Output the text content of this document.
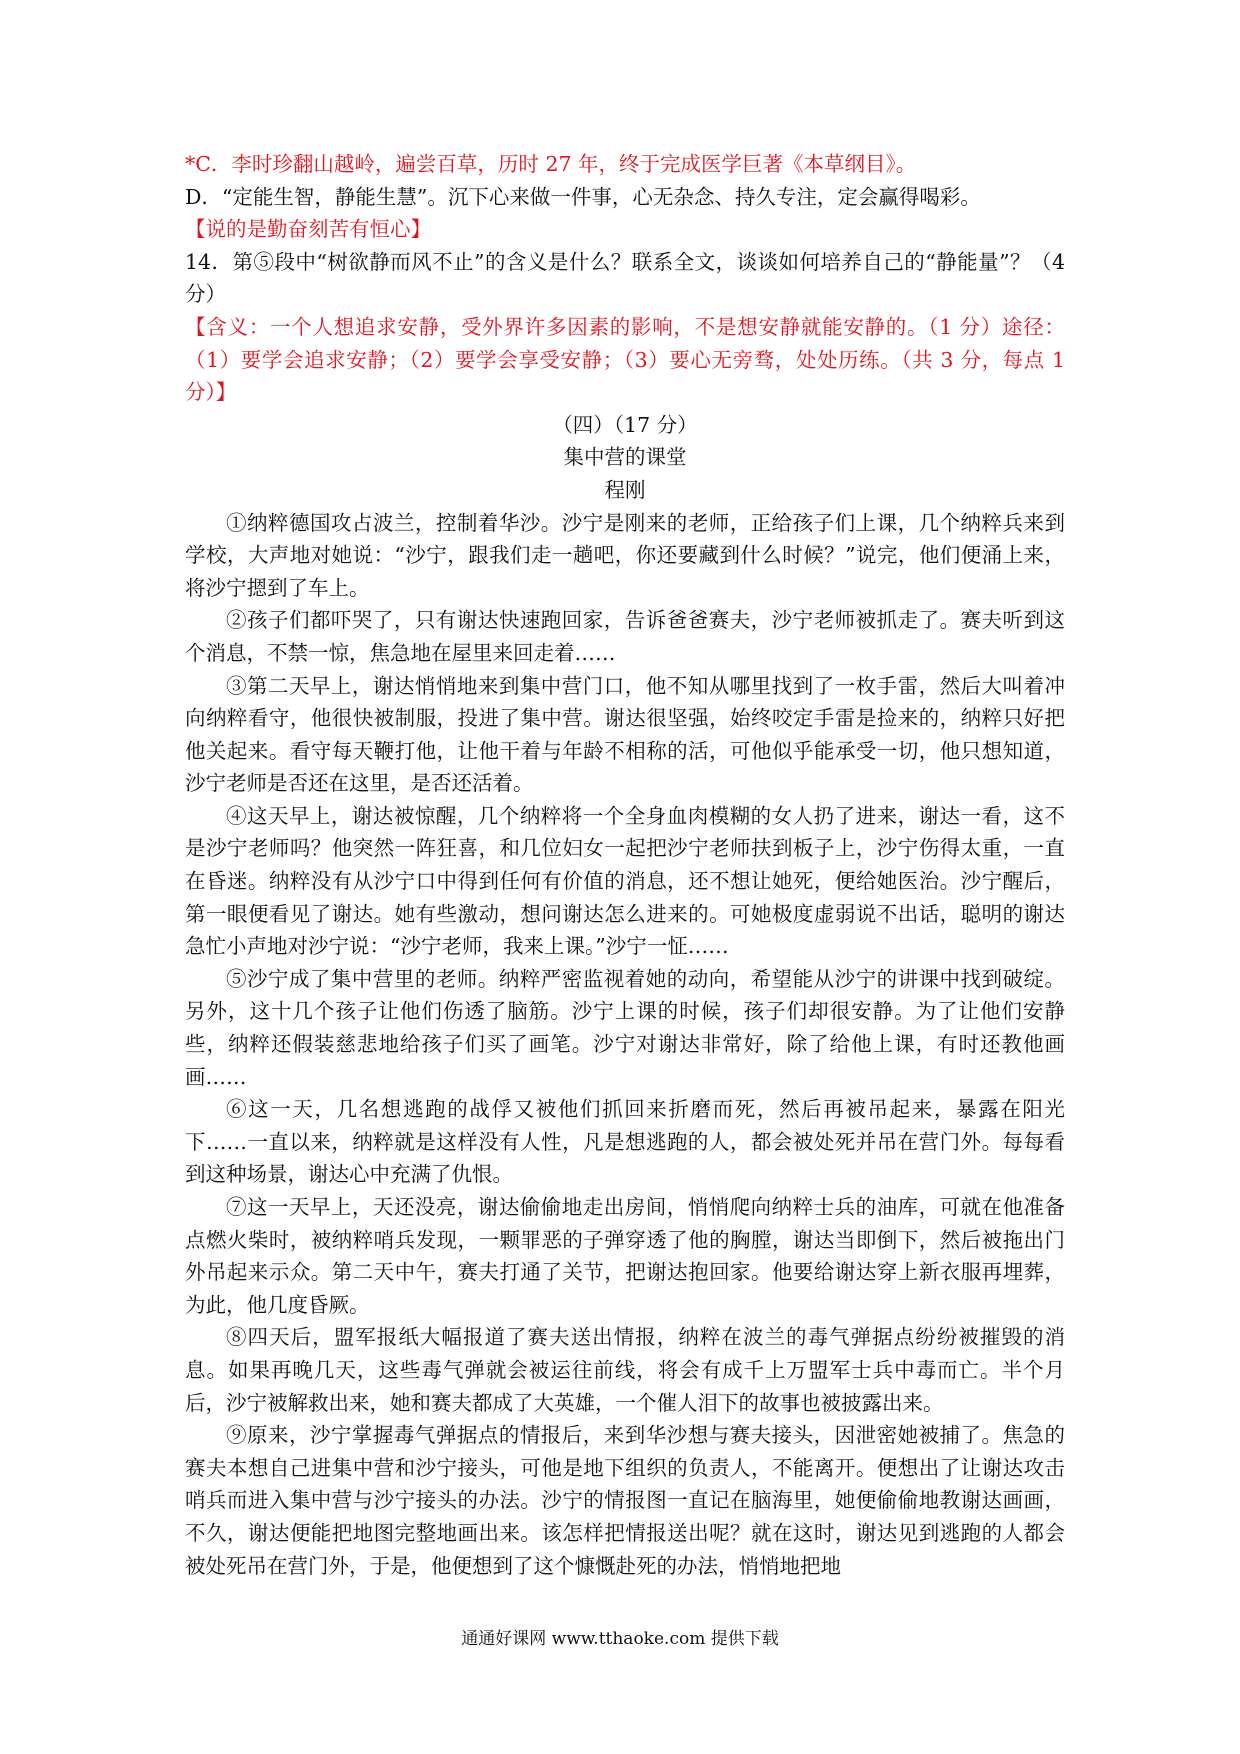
*C．李时珍翻山越岭，遍尝百草，历时 27 年，终于完成医学巨著《本草纲目》。

D．“定能生智，静能生慧”。沉下心来做一件事，心无杂念、持久专注，定会赢得喝彩。

【说的是勤奋刻苦有恒心】

14．第⑤段中“树欲静而风不止”的含义是什么？联系全文，谈谈如何培养自己的“静能量”？（4 分）

【含义：一个人想追求安静，受外界许多因素的影响，不是想安静就能安静的。（1 分）途径：（1）要学会追求安静；（2）要学会享受安静；（3）要心无旁骛，处处历练。（共 3 分，每点 1 分）】

（四）（17 分）

集中营的课堂

程刚

①纳粹德国攻占波兰，控制着华沙。沙宁是刚来的老师，正给孩子们上课，几个纳粹兵来到学校，大声地对她说：“沙宁，跟我们走一趟吧，你还要藏到什么时候？”说完，他们便涌上来，将沙宁摁到了车上。

②孩子们都吓哭了，只有谢达快速跑回家，告诉爸爸赛夫，沙宁老师被抓走了。赛夫听到这个消息，不禁一惊，焦急地在屋里来回走着……

③第二天早上，谢达悄悄地来到集中营门口，他不知从哪里找到了一枚手雷，然后大叫着冲向纳粹看守，他很快被制服，投进了集中营。谢达很坚强，始终咬定手雷是捡来的，纳粹只好把他关起来。看守每天鞭打他，让他干着与年龄不相称的活，可他似乎能承受一切，他只想知道，沙宁老师是否还在这里，是否还活着。

④这天早上，谢达被惊醒，几个纳粹将一个全身血肉模糊的女人扔了进来，谢达一看，这不是沙宁老师吗？他突然一阵狂喜，和几位妇女一起把沙宁老师扶到板子上，沙宁伤得太重，一直在昏迷。纳粹没有从沙宁口中得到任何有价值的消息，还不想让她死，便给她医治。沙宁醒后，第一眼便看见了谢达。她有些激动，想问谢达怎么进来的。可她极度虚弱说不出话，聪明的谢达急忙小声地对沙宁说：“沙宁老师，我来上课。”沙宁一怔……

⑤沙宁成了集中营里的老师。纳粹严密监视着她的动向，希望能从沙宁的讲课中找到破绽。另外，这十几个孩子让他们伤透了脑筋。沙宁上课的时候，孩子们却很安静。为了让他们安静些，纳粹还假装慈悲地给孩子们买了画笔。沙宁对谢达非常好，除了给他上课，有时还教他画画……

⑥这一天，几名想逃跑的战俘又被他们抓回来折磨而死，然后再被吊起来，暴露在阳光下……一直以来，纳粹就是这样没有人性，凡是想逃跑的人，都会被处死并吊在营门外。每每看到这种场景，谢达心中充满了仇恨。

⑦这一天早上，天还没亮，谢达偷偷地走出房间，悄悄爬向纳粹士兵的油库，可就在他准备点燃火柴时，被纳粹哨兵发现，一颗罪恶的子弹穿透了他的胸膛，谢达当即倒下，然后被拖出门外吊起来示众。第二天中午，赛夫打通了关节，把谢达抱回家。他要给谢达穿上新衣服再埋葬，为此，他几度昏厥。

⑧四天后，盟军报纸大幅报道了赛夫送出情报，纳粹在波兰的毒气弹据点纷纷被摧毁的消息。如果再晚几天，这些毒气弹就会被运往前线，将会有成千上万盟军士兵中毒而亡。半个月后，沙宁被解救出来，她和赛夫都成了大英雄，一个催人泪下的故事也被披露出来。

⑨原来，沙宁掌握毒气弹据点的情报后，来到华沙想与赛夫接头，因泄密她被捕了。焦急的赛夫本想自己进集中营和沙宁接头，可他是地下组织的负责人，不能离开。便想出了让谢达攻击哨兵而进入集中营与沙宁接头的办法。沙宁的情报图一直记在脑海里，她便偷偷地教谢达画画，不久，谢达便能把地图完整地画出来。该怎样把情报送出呢？就在这时，谢达见到逃跑的人都会被处死吊在营门外，于是，他便想到了这个慷慨赴死的办法，悄悄地把地

通通好课网 www.tthaoke.com 提供下载
